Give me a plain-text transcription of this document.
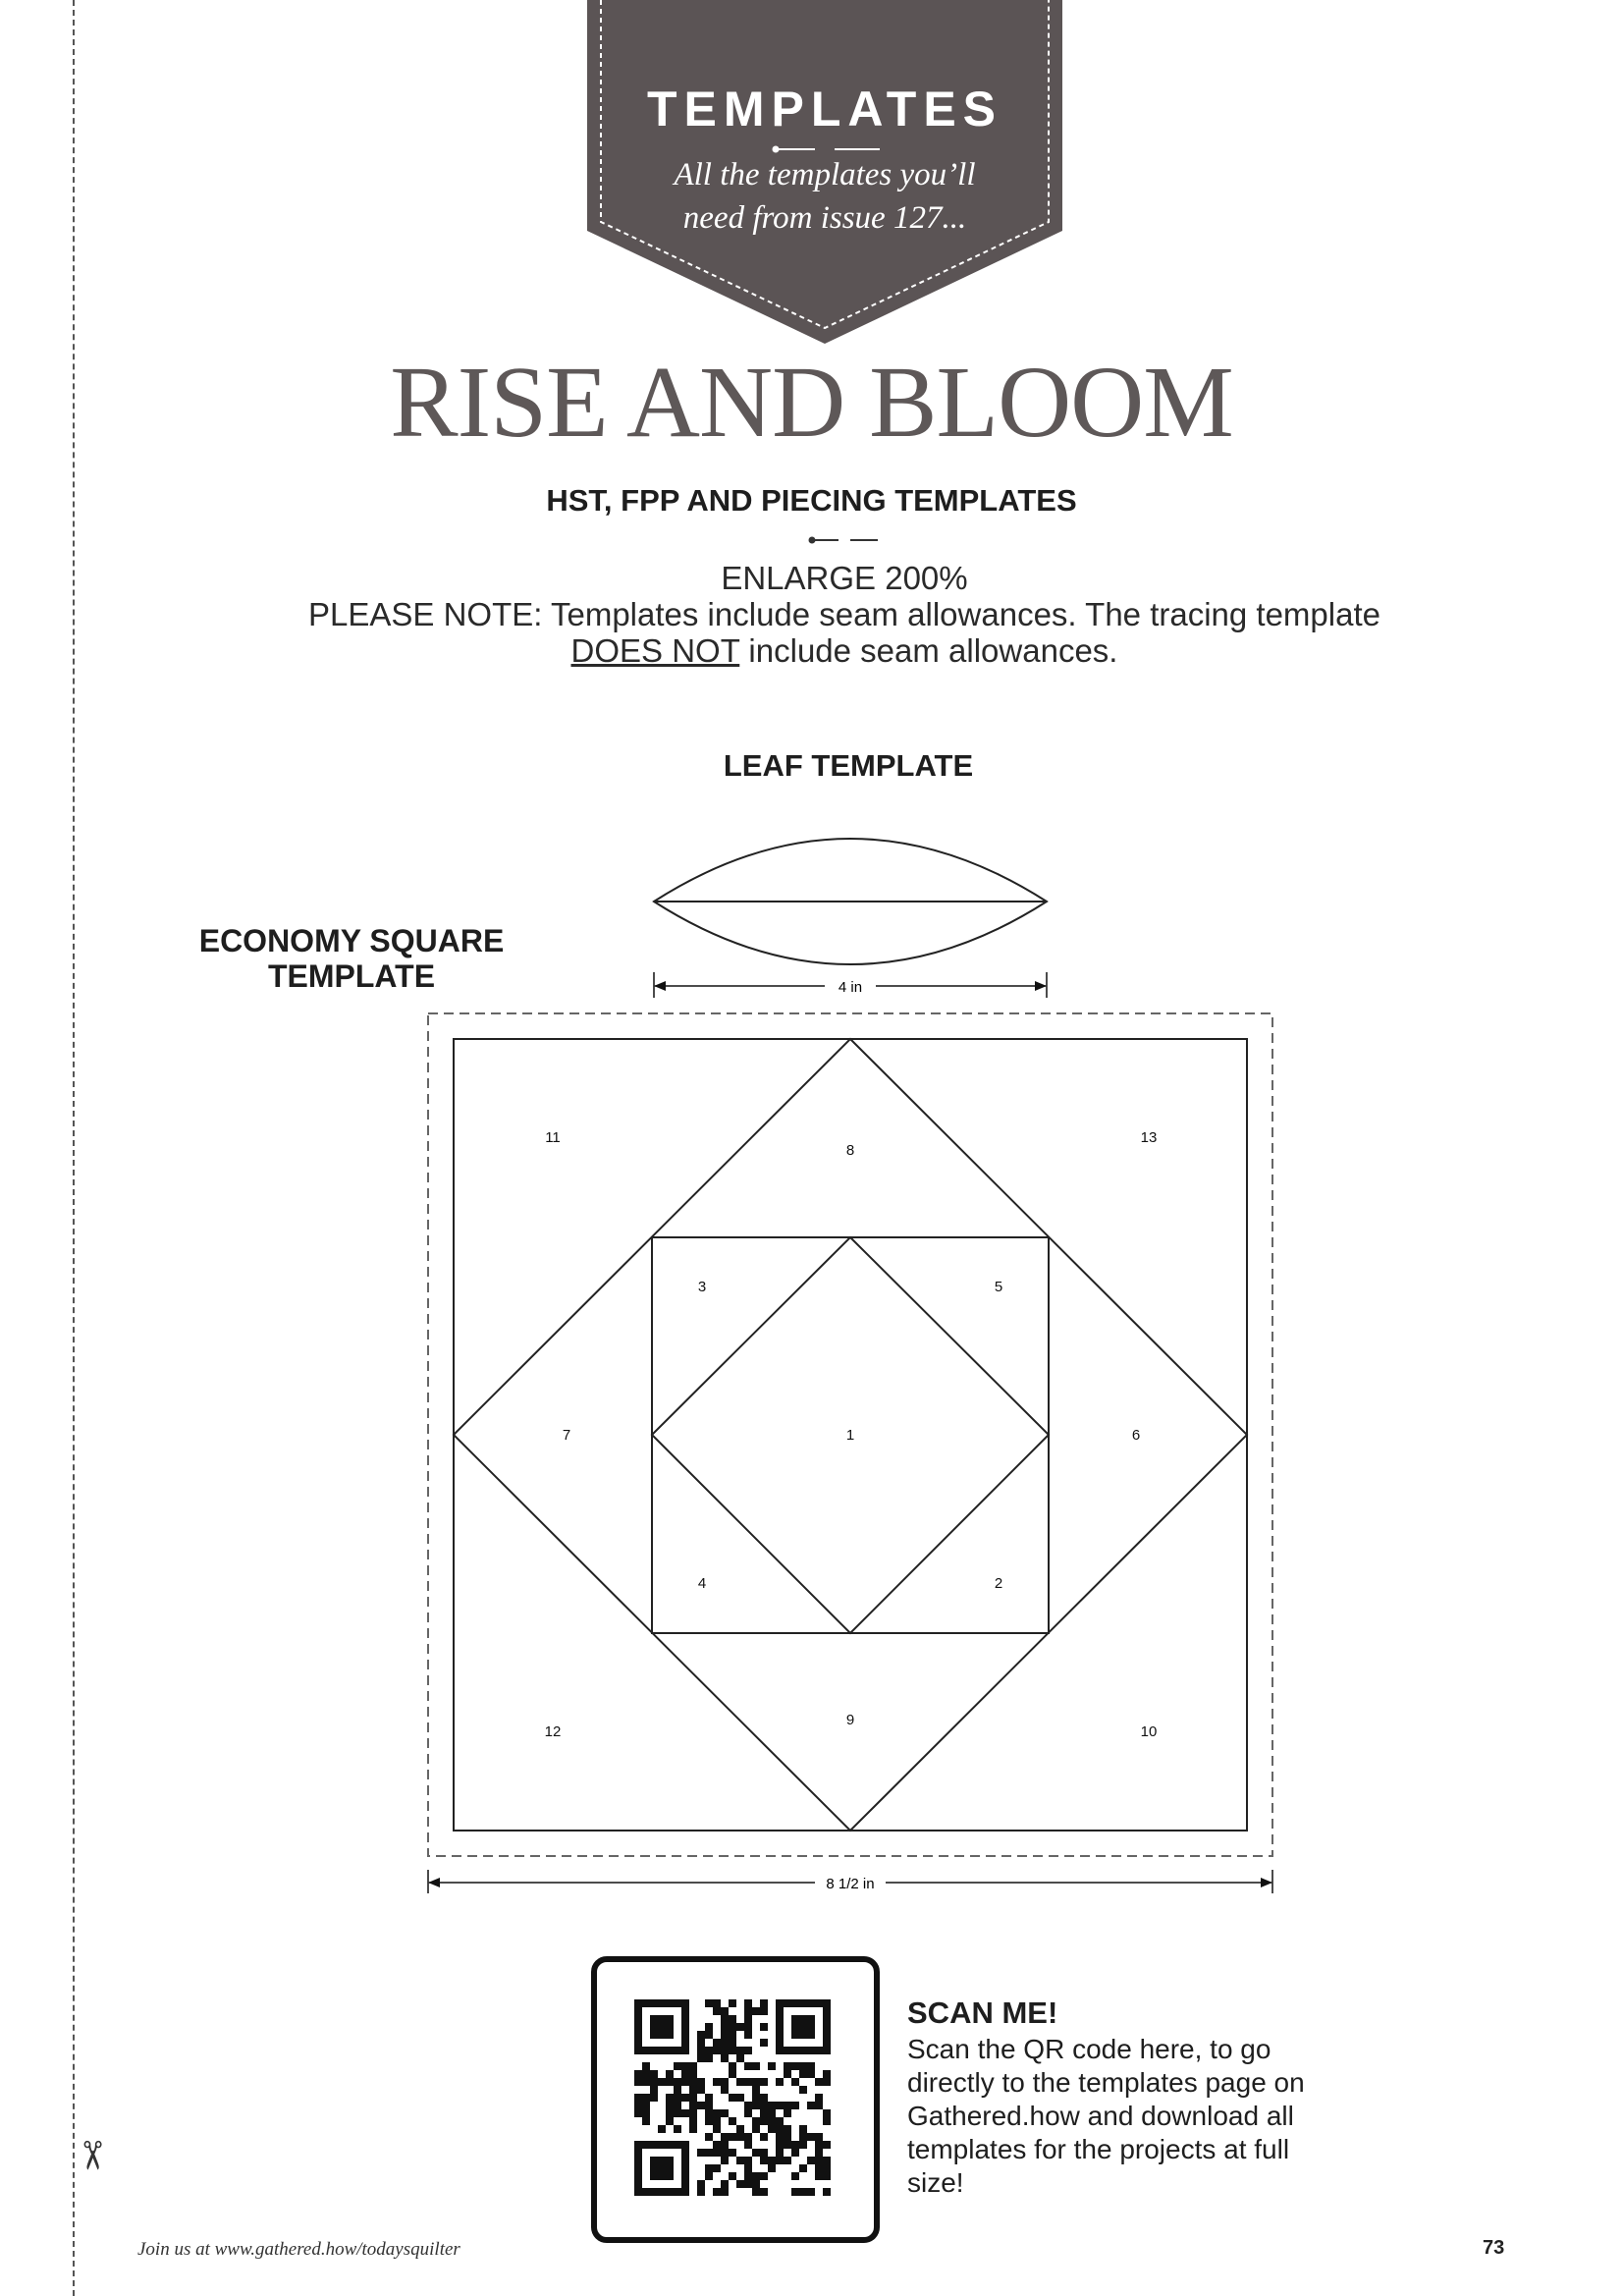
✂
TEMPLATES
All the templates you’ll
need from issue 127...
RISE AND BLOOM
HST, FPP AND PIECING TEMPLATES
ENLARGE 200%
PLEASE NOTE: Templates include seam allowances. The tracing template
DOES NOT include seam allowances.
LEAF TEMPLATE
4 in
1
2
3
4
5
6
7
8
9
10
11
12
13
8 1/2 in
ECONOMY SQUARE
TEMPLATE
SCAN ME!
Scan the QR code here, to go directly to the templates page on Gathered.how and download all templates for the projects at full size!
Join us at www.gathered.how/todaysquilter	73
